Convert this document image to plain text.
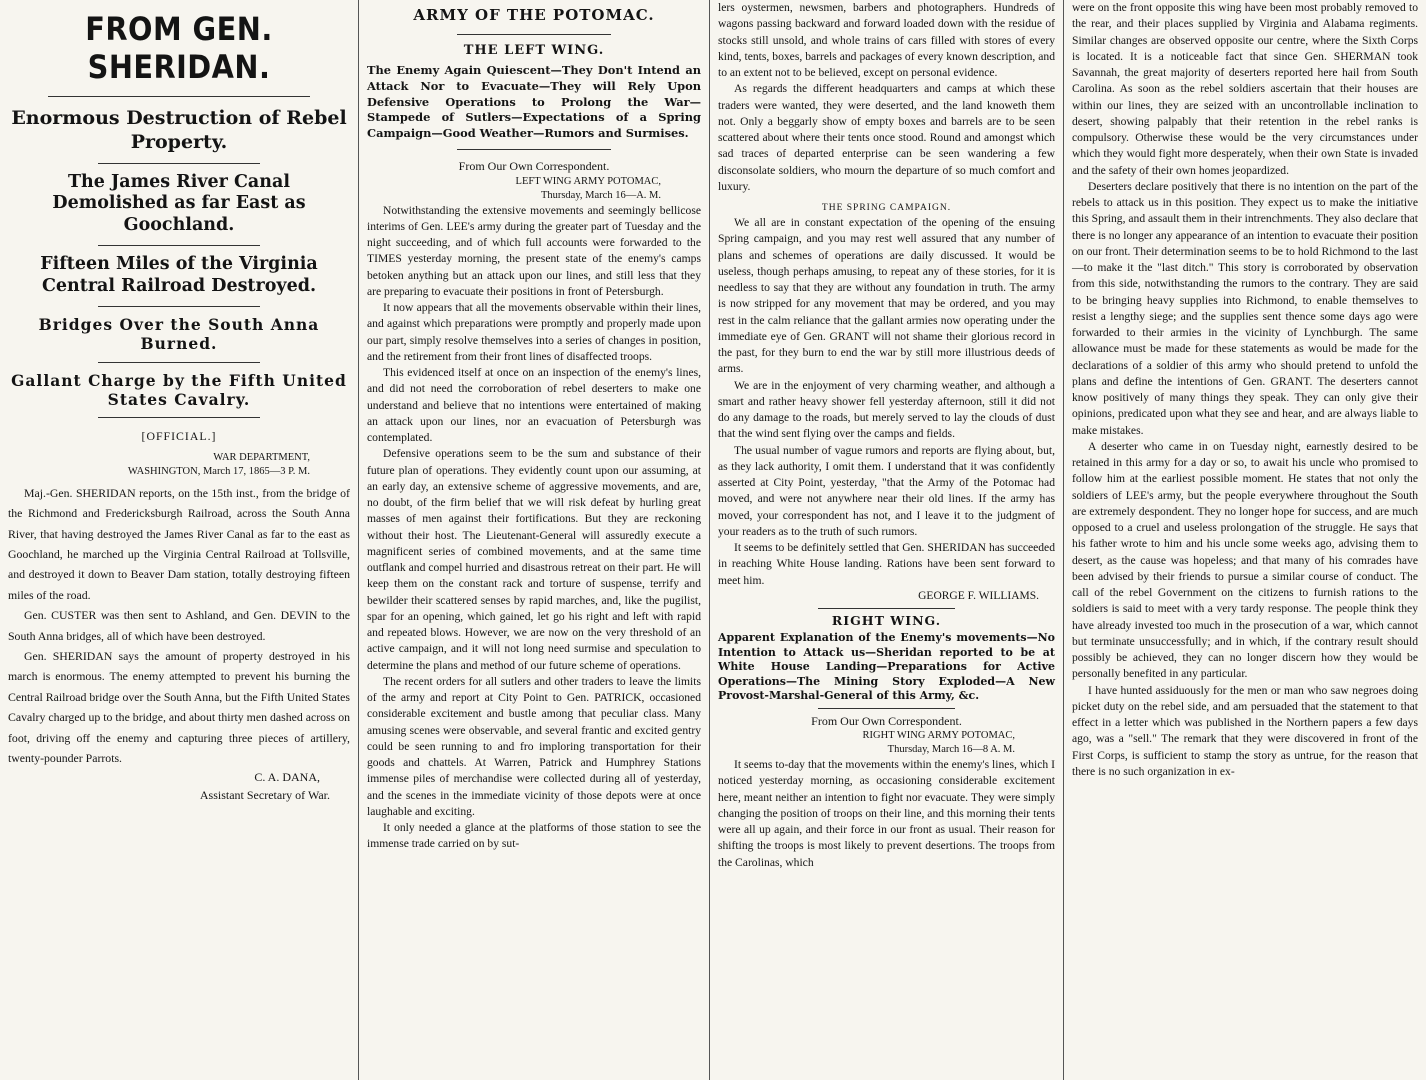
FROM GEN. SHERIDAN.
Enormous Destruction of Rebel Property.
The James River Canal Demolished as far East as Goochland.
Fifteen Miles of the Virginia Central Railroad Destroyed.
Bridges Over the South Anna Burned.
Gallant Charge by the Fifth United States Cavalry.

[OFFICIAL.]

WAR DEPARTMENT,
WASHINGTON, March 17, 1865—3 P. M.

Maj.-Gen. SHERIDAN reports, on the 15th inst., from the bridge of the Richmond and Fredericksburgh Railroad, across the South Anna River, that having destroyed the James River Canal as far to the east as Goochland, he marched up the Virginia Central Railroad at Tollsville, and destroyed it down to Beaver Dam station, totally destroying fifteen miles of the road.

Gen. CUSTER was then sent to Ashland, and Gen. DEVIN to the South Anna bridges, all of which have been destroyed.

Gen. SHERIDAN says the amount of property destroyed in his march is enormous. The enemy attempted to prevent his burning the Central Railroad bridge over the South Anna, but the Fifth United States Cavalry charged up to the bridge, and about thirty men dashed across on foot, driving off the enemy and capturing three pieces of artillery, twenty-pounder Parrots.

C. A. DANA,
Assistant Secretary of War.
ARMY OF THE POTOMAC.
THE LEFT WING.
The Enemy Again Quiescent—They Don't Intend an Attack Nor to Evacuate—They will Rely Upon Defensive Operations to Prolong the War—Stampede of Sutlers—Expectations of a Spring Campaign—Good Weather—Rumors and Surmises.

From Our Own Correspondent.

LEFT WING ARMY POTOMAC,
Thursday, March 16—A. M.

Notwithstanding the extensive movements and seemingly bellicose interims of Gen. LEE's army during the greater part of Tuesday and the night succeeding, and of which full accounts were forwarded to the TIMES yesterday morning, the present state of the enemy's camps betoken anything but an attack upon our lines, and still less that they are preparing to evacuate their positions in front of Petersburgh.

It now appears that all the movements observable within their lines, and against which preparations were promptly and properly made upon our part, simply resolve themselves into a series of changes in position, and the retirement from their front lines of disaffected troops.

This evidenced itself at once on an inspection of the enemy's lines, and did not need the corroboration of rebel deserters to make one understand and believe that no intentions were entertained of making an attack upon our lines, nor an evacuation of Petersburgh was contemplated.

Defensive operations seem to be the sum and substance of their future plan of operations. They evidently count upon our assuming, at an early day, an extensive scheme of aggressive movements, and are, no doubt, of the firm belief that we will risk defeat by hurling great masses of men against their fortifications. But they are reckoning without their host. The Lieutenant-General will assuredly execute a magnificent series of combined movements, and at the same time outflank and compel hurried and disastrous retreat on their part. He will keep them on the constant rack and torture of suspense, terrify and bewilder their scattered senses by rapid marches, and, like the pugilist, spar for an opening, which gained, let go his right and left with rapid and repeated blows. However, we are now on the very threshold of an active campaign, and it will not long need surmise and speculation to determine the plans and method of our future scheme of operations.

The recent orders for all sutlers and other traders to leave the limits of the army and report at City Point to Gen. PATRICK, occasioned considerable excitement and bustle among that peculiar class. Many amusing scenes were observable, and several frantic and excited gentry could be seen running to and fro imploring transportation for their goods and chattels. At Warren, Patrick and Humphrey Stations immense piles of merchandise were collected during all of yesterday, and the scenes in the immediate vicinity of those depots were at once laughable and exciting.

It only needed a glance at the platforms of those station to see the immense trade carried on by sut-

lers oystermen, newsmen, barbers and photographers. Hundreds of wagons passing backward and forward loaded down with the residue of stocks still unsold, and whole trains of cars filled with stores of every kind, tents, boxes, barrels and packages of every known description, and to an extent not to be believed, except on personal evidence.

As regards the different headquarters and camps at which these traders were wanted, they were deserted, and the land knoweth them not. Only a beggarly show of empty boxes and barrels are to be seen scattered about where their tents once stood. Round and amongst which sad traces of departed enterprise can be seen wandering a few disconsolate soldiers, who mourn the departure of so much comfort and luxury.

THE SPRING CAMPAIGN.

We all are in constant expectation of the opening of the ensuing Spring campaign, and you may rest well assured that any number of plans and schemes of operations are daily discussed. It would be useless, though perhaps amusing, to repeat any of these stories, for it is needless to say that they are without any foundation in truth. The army is now stripped for any movement that may be ordered, and you may rest in the calm reliance that the gallant armies now operating under the immediate eye of Gen. GRANT will not shame their glorious record in the past, for they burn to end the war by still more illustrious deeds of arms.

We are in the enjoyment of very charming weather, and although a smart and rather heavy shower fell yesterday afternoon, still it did not do any damage to the roads, but merely served to lay the clouds of dust that the wind sent flying over the camps and fields.

The usual number of vague rumors and reports are flying about, but, as they lack authority, I omit them. I understand that it was confidently asserted at City Point, yesterday, "that the Army of the Potomac had moved, and were not anywhere near their old lines. If the army has moved, your correspondent has not, and I leave it to the judgment of your readers as to the truth of such rumors.

It seems to be definitely settled that Gen. SHERIDAN has succeeded in reaching White House landing. Rations have been sent forward to meet him.

GEORGE F. WILLIAMS.
RIGHT WING.
Apparent Explanation of the Enemy's movements—No Intention to Attack us—Sheridan reported to be at White House Landing—Preparations for Active Operations—The Mining Story Exploded—A New Provost-Marshal-General of this Army, &c.

From Our Own Correspondent.

RIGHT WING ARMY POTOMAC,
Thursday, March 16—8 A. M.

It seems to-day that the movements within the enemy's lines, which I noticed yesterday morning, as occasioning considerable excitement here, meant neither an intention to fight nor evacuate. They were simply changing the position of troops on their line, and this morning their tents were all up again, and their force in our front as usual. Their reason for shifting the troops is most likely to prevent desertions. The troops from the Carolinas, which

were on the front opposite this wing have been most probably removed to the rear, and their places supplied by Virginia and Alabama regiments. Similar changes are observed opposite our centre, where the Sixth Corps is located. It is a noticeable fact that since Gen. SHERMAN took Savannah, the great majority of deserters reported here hail from South Carolina. As soon as the rebel soldiers ascertain that their houses are within our lines, they are seized with an uncontrollable inclination to desert, showing palpably that their retention in the rebel ranks is compulsory. Otherwise these would be the very circumstances under which they would fight more desperately, when their own State is invaded and the safety of their own homes jeopardized.

Deserters declare positively that there is no intention on the part of the rebels to attack us in this position. They expect us to make the initiative this Spring, and assault them in their intrenchments. They also declare that there is no longer any appearance of an intention to evacuate their position on our front. Their determination seems to be to hold Richmond to the last—to make it the "last ditch." This story is corroborated by observation from this side, notwithstanding the rumors to the contrary. They are said to be bringing heavy supplies into Richmond, to enable themselves to resist a lengthy siege; and the supplies sent thence some days ago were forwarded to their armies in the vicinity of Lynchburgh. The same allowance must be made for these statements as would be made for the declarations of a soldier of this army who should pretend to unfold the plans and define the intentions of Gen. GRANT. The deserters cannot know positively of many things they speak. They can only give their opinions, predicated upon what they see and hear, and are always liable to make mistakes.

A deserter who came in on Tuesday night, earnestly desired to be retained in this army for a day or so, to await his uncle who promised to follow him at the earliest possible moment. He states that not only the soldiers of LEE's army, but the people everywhere throughout the South are extremely despondent. They no longer hope for success, and are much opposed to a cruel and useless prolongation of the struggle. He says that his father wrote to him and his uncle some weeks ago, advising them to desert, as the cause was hopeless; and that many of his comrades have been advised by their friends to pursue a similar course of conduct. The call of the rebel Government on the citizens to furnish rations to the soldiers is said to meet with a very tardy response. The people think they have already invested too much in the prosecution of a war, which cannot but terminate unsuccessfully; and in which, if the contrary result should possibly be achieved, they can no longer discern how they would be personally benefited in any particular.

I have hunted assiduously for the men or man who saw negroes doing picket duty on the rebel side, and am persuaded that the statement to that effect in a letter which was published in the Northern papers a few days ago, was a "sell." The remark that they were discovered in front of the First Corps, is sufficient to stamp the story as untrue, for the reason that there is no such organization in ex-
